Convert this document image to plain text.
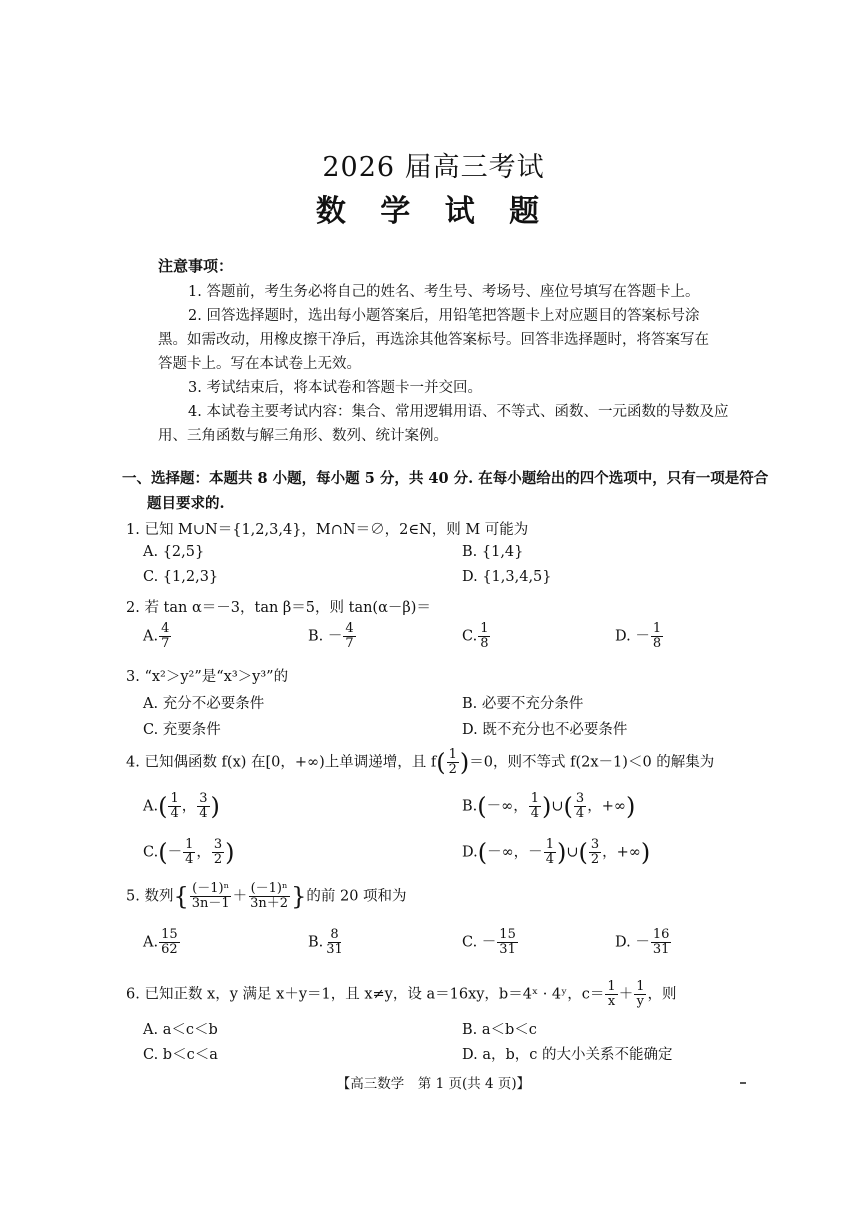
2026 届高三考试
数 学 试 题
注意事项：
1. 答题前，考生务必将自己的姓名、考生号、考场号、座位号填写在答题卡上。
2. 回答选择题时，选出每小题答案后，用铅笔把答题卡上对应题目的答案标号涂
黑。如需改动，用橡皮擦干净后，再选涂其他答案标号。回答非选择题时，将答案写在
答题卡上。写在本试卷上无效。
3. 考试结束后，将本试卷和答题卡一并交回。
4. 本试卷主要考试内容：集合、常用逻辑用语、不等式、函数、一元函数的导数及应
用、三角函数与解三角形、数列、统计案例。
一、选择题：本题共 8 小题，每小题 5 分，共 40 分. 在每小题给出的四个选项中，只有一项是符合
题目要求的.
1. 已知 M∪N＝{1,2,3,4}，M∩N＝∅，2∈N，则 M 可能为
A. {2,5}	B. {1,4}
C. {1,2,3}	D. {1,3,4,5}
2. 若 tan α＝－3，tan β＝5，则 tan(α－β)＝
A. $\frac{4}{7}$	B. － $\frac{4}{7}$	C. $\frac{1}{8}$	D. － $\frac{1}{8}$
3. “x²＞y²”是“x³＞y³”的
A. 充分不必要条件	B. 必要不充分条件
C. 充要条件	D. 既不充分也不必要条件
4. 已知偶函数 f(x) 在[0，+∞)上单调递增，且 $f( \frac{1}{2} )=0$，则不等式 f(2x－1)＜0 的解集为
$A.( \frac{1}{4}$ ， $\frac{3}{4}$ )	B.(－∞， $\frac{1}{4}$ )∪( $\frac{3}{4}$ ，+∞)
$C.(- \frac{1}{4}$ ， $\frac{3}{2}$ )	D.(－∞，－ $\frac{1}{4}$ )∪( $\frac{3}{2}$ ，+∞)
5. 数列{ $\frac{\text{(－1)ⁿ}}{3n-1} + \frac{\text{(－1)ⁿ}}{3n+2}$ }的前 20 项和为
A. $\frac{15}{62}$	B. $\frac{8}{31}$	C. － $\frac{15}{31}$	D. － $\frac{16}{31}$
6. 已知正数 x，y 满足 x＋y＝1，且 x≠y，设 a＝16xy，b＝4ˣ · 4ʸ，$c= \frac{1}{x} + \frac{1}{y}$ ，则
A. a＜c＜b	B. a＜b＜c
C. b＜c＜a	D. a，b，c 的大小关系不能确定
【高三数学　第 1 页(共 4 页)】
